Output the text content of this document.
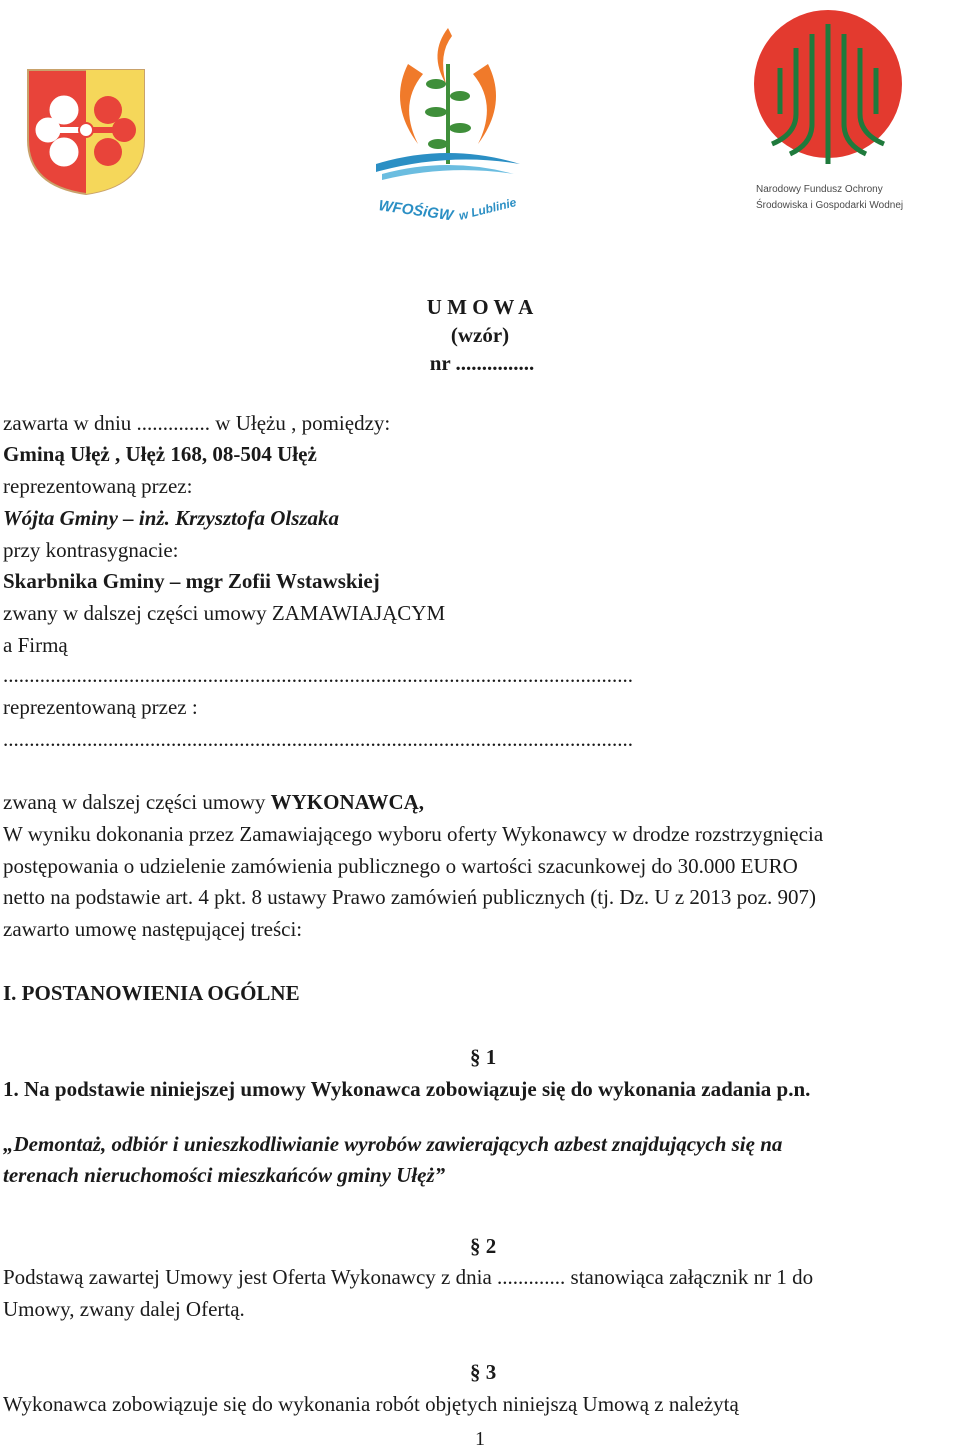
WFOŚiGW w Lublinie
Narodowy Fundusz Ochrony
Środowiska i Gospodarki Wodnej
U M O W A
(wzór)
nr ...............
zawarta w dniu .............. w Ułężu , pomiędzy:
Gminą Ułęż , Ułęż 168, 08-504 Ułęż
reprezentowaną przez:
Wójta Gminy – inż. Krzysztofa Olszaka
przy kontrasygnacie:
Skarbnika Gminy – mgr Zofii Wstawskiej
zwany w dalszej części umowy ZAMAWIAJĄCYM
a Firmą
........................................................................................................................
reprezentowaną przez :
........................................................................................................................
zwaną w dalszej części umowy WYKONAWCĄ,
W wyniku dokonania przez Zamawiającego wyboru oferty Wykonawcy w drodze rozstrzygnięcia
postępowania o udzielenie zamówienia publicznego o wartości szacunkowej do 30.000 EURO
netto na podstawie art. 4 pkt. 8 ustawy Prawo zamówień publicznych (tj. Dz. U z 2013 poz. 907)
zawarto umowę następującej treści:
I. POSTANOWIENIA OGÓLNE
§ 1
1. Na podstawie niniejszej umowy Wykonawca zobowiązuje się do wykonania zadania p.n.
„Demontaż, odbiór i unieszkodliwianie wyrobów zawierających azbest znajdujących się na
terenach nieruchomości mieszkańców gminy Ułęż”
§ 2
Podstawą zawartej Umowy jest Oferta Wykonawcy z dnia ............. stanowiąca załącznik nr 1 do
Umowy, zwany dalej Ofertą.
§ 3
Wykonawca zobowiązuje się do wykonania robót objętych niniejszą Umową z należytą
1
